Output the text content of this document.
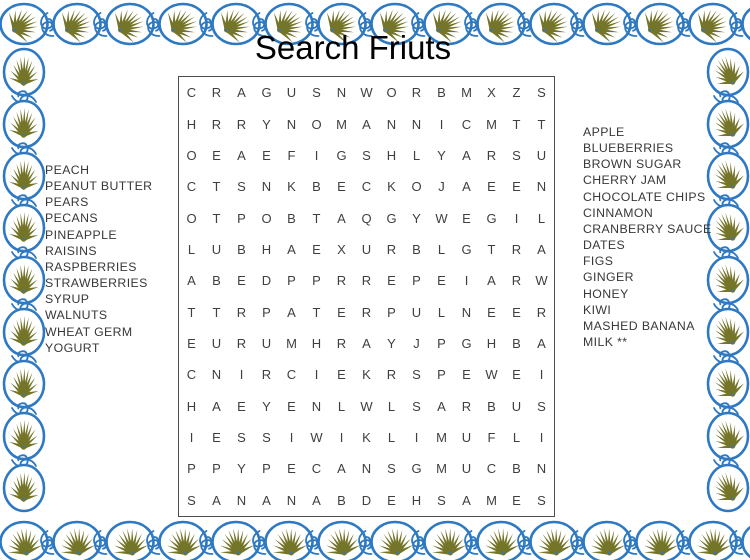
Search Friuts
PEACH
PEANUT BUTTER
PEARS
PECANS
PINEAPPLE
RAISINS
RASPBERRIES
STRAWBERRIES
SYRUP
WALNUTS
WHEAT GERM
YOGURT
C	R	A	G	U	S	N	W	O	R	B	M	X	Z	S
H	R	R	Y	N	O	M	A	N	N	I	C	M	T	T
O	E	A	E	F	I	G	S	H	L	Y	A	R	S	U
C	T	S	N	K	B	E	C	K	O	J	A	E	E	N
O	T	P	O	B	T	A	Q	G	Y	W	E	G	I	L
L	U	B	H	A	E	X	U	R	B	L	G	T	R	A
A	B	E	D	P	P	R	R	E	P	E	I	A	R	W
T	T	R	P	A	T	E	R	P	U	L	N	E	E	R
E	U	R	U	M	H	R	A	Y	J	P	G	H	B	A
C	N	I	R	C	I	E	K	R	S	P	E	W	E	I
H	A	E	Y	E	N	L	W	L	S	A	R	B	U	S
I	E	S	S	I	W	I	K	L	I	M	U	F	L	I
P	P	Y	P	E	C	A	N	S	G	M	U	C	B	N
S	A	N	A	N	A	B	D	E	H	S	A	M	E	S
APPLE
BLUEBERRIES
BROWN SUGAR
CHERRY JAM
CHOCOLATE CHIPS
CINNAMON
CRANBERRY SAUCE
DATES
FIGS
GINGER
HONEY
KIWI
MASHED BANANA
MILK **
